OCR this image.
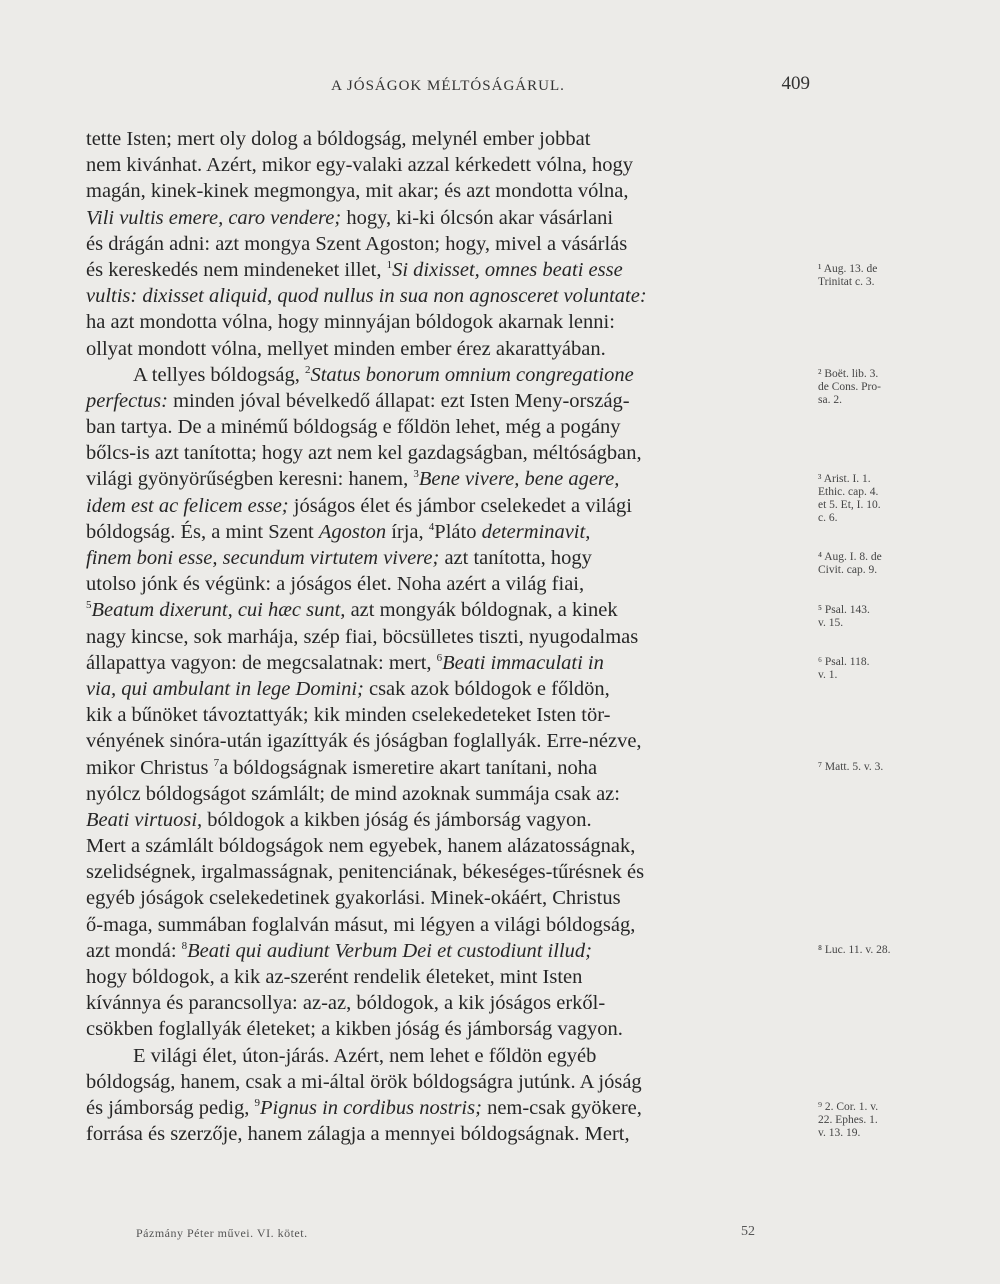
A JÓSÁGOK MÉLTÓSÁGÁRUL.	409
tette Isten; mert oly dolog a bóldogság, melynél ember jobbat
nem kivánhat. Azért, mikor egy-valaki azzal kérkedett vólna, hogy
magán, kinek-kinek megmongya, mit akar; és azt mondotta vólna,
Vili vultis emere, caro vendere; hogy, ki-ki ólcsón akar vásárlani
és drágán adni: azt mongya Szent Agoston; hogy, mivel a vásárlás
és kereskedés nem mindeneket illet, $^1$Si dixisset, omnes beati esse
vultis: dixisset aliquid, quod nullus in sua non agnosceret voluntate:
ha azt mondotta vólna, hogy minnyájan bóldogok akarnak lenni:
ollyat mondott vólna, mellyet minden ember érez akarattyában.
A tellyes bóldogság, $^2$Status bonorum omnium congregatione
perfectus: minden jóval bévelkedő állapat: ezt Isten Meny-ország-
ban tartya. De a minémű bóldogság e főldön lehet, még a pogány
bőlcs-is azt tanította; hogy azt nem kel gazdagságban, méltóságban,
világi gyönyörűségben keresni: hanem, $^3$Bene vivere, bene agere,
idem est ac felicem esse; jóságos élet és jámbor cselekedet a világi
bóldogság. És, a mint Szent Agoston írja, $^4$Pláto determinavit,
finem boni esse, secundum virtutem vivere; azt tanította, hogy
utolso jónk és végünk: a jóságos élet. Noha azért a világ fiai,
$^5$Beatum dixerunt, cui hæc sunt, azt mongyák bóldognak, a kinek
nagy kincse, sok marhája, szép fiai, böcsülletes tiszti, nyugodalmas
állapattya vagyon: de megcsalatnak: mert, $^6$Beati immaculati in
via, qui ambulant in lege Domini; csak azok bóldogok e főldön,
kik a bűnöket távoztattyák; kik minden cselekedeteket Isten tör-
vényének sinóra-után igazíttyák és jóságban foglallyák. Erre-nézve,
mikor Christus $^7$a bóldogságnak ismeretire akart tanítani, noha
nyólcz bóldogságot számlált; de mind azoknak summája csak az:
Beati virtuosi, bóldogok a kikben jóság és jámborság vagyon.
Mert a számlált bóldogságok nem egyebek, hanem alázatosságnak,
szelidségnek, irgalmasságnak, penitenciának, békeséges-tűrésnek és
egyéb jóságok cselekedetinek gyakorlási. Minek-okáért, Christus
ő-maga, summában foglalván másut, mi légyen a világi bóldogság,
azt mondá: $^8$Beati qui audiunt Verbum Dei et custodiunt illud;
hogy bóldogok, a kik az-szerént rendelik életeket, mint Isten
kívánnya és parancsollya: az-az, bóldogok, a kik jóságos erkől-
csökben foglallyák életeket; a kikben jóság és jámborság vagyon.
E világi élet, úton-járás. Azért, nem lehet e főldön egyéb
bóldogság, hanem, csak a mi-által örök bóldogságra jutúnk. A jóság
és jámborság pedig, $^9$Pignus in cordibus nostris; nem-csak gyökere,
forrása és szerzője, hanem zálagja a mennyei bóldogságnak. Mert,
¹ Aug. 13. de
Trinitat c. 3.
² Boët. lib. 3.
de Cons. Pro-
sa. 2.
³ Arist. I. 1.
Ethic. cap. 4.
et 5. Et, I. 10.
c. 6.
⁴ Aug. I. 8. de
Civit. cap. 9.
⁵ Psal. 143.
v. 15.
⁶ Psal. 118.
v. 1.
⁷ Matt. 5. v. 3.
⁸ Luc. 11. v. 28.
⁹ 2. Cor. 1. v.
22. Ephes. 1.
v. 13. 19.
Pázmány Péter művei. VI. kötet.	52
